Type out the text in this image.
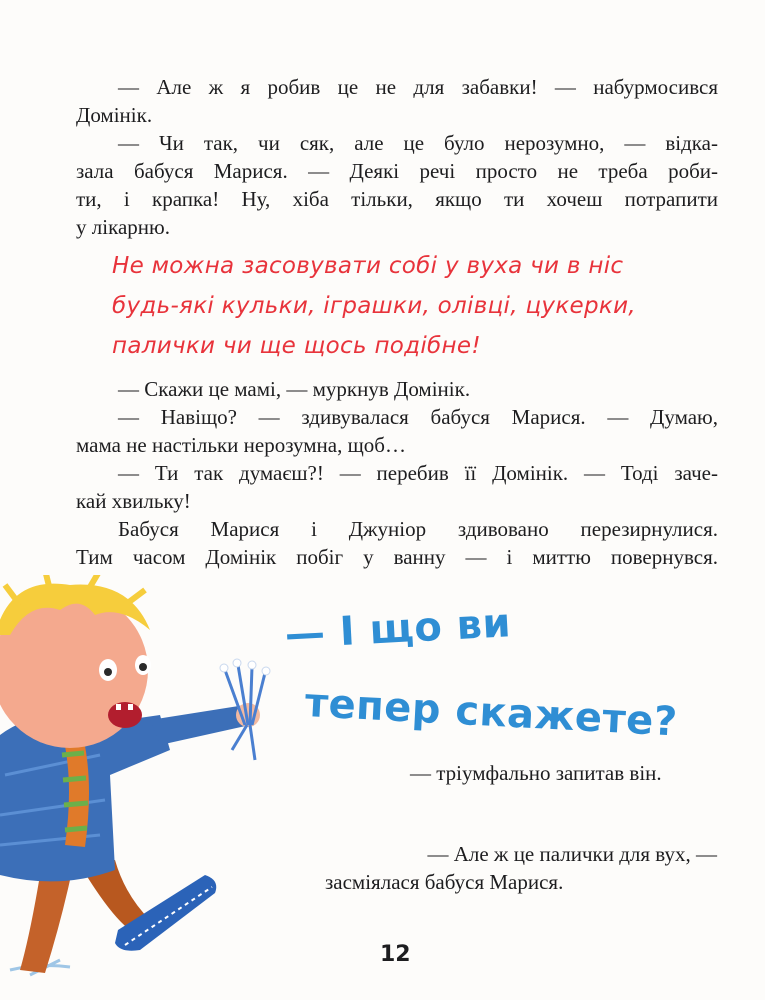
— Але ж я робив це не для забавки! — набурмосився
Домінік.

— Чи так, чи сяк, але це було нерозумно, — відка-
зала бабуся Марися. — Деякі речі просто не треба роби-
ти, і крапка! Ну, хіба тільки, якщо ти хочеш потрапити
у лікарню.

Не можна засовувати собі у вуха чи в ніс
будь-які кульки, іграшки, олівці, цукерки,
палички чи ще щось подібне!

— Скажи це мамі, — муркнув Домінік.

— Навіщо? — здивувалася бабуся Марися. — Думаю,
мама не настільки нерозумна, щоб…

— Ти так думаєш?! — перебив її Домінік. — Тоді заче-
кай хвильку!

Бабуся Марися і Джуніор здивовано перезирнулися.
Тим часом Домінік побіг у ванну — і миттю повернувся.

— І що ви
тепер скажете?

— тріумфально запитав він.

— Але ж це палички для вух, —
засміялася бабуся Марися.

12
